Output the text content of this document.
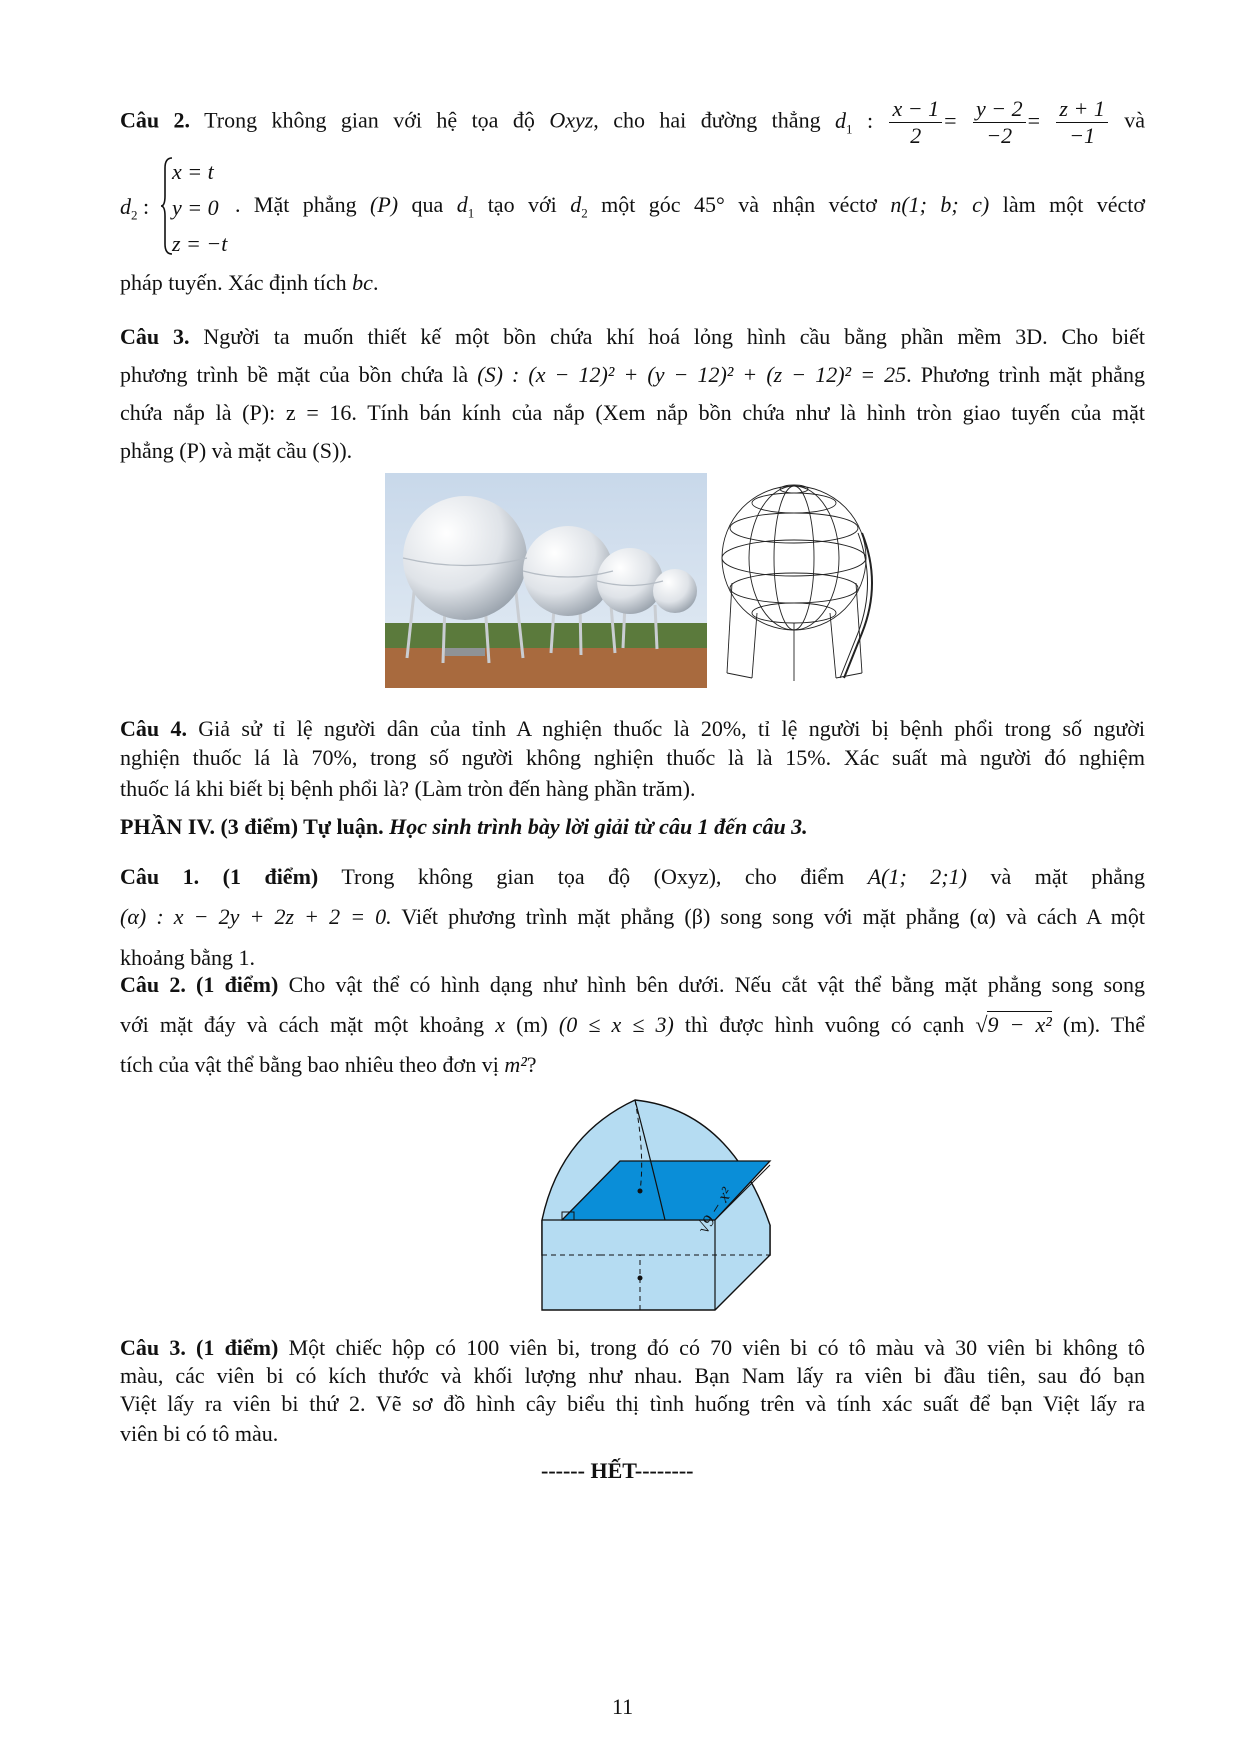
Câu 2. Trong không gian với hệ tọa độ Oxyz, cho hai đường thẳng $d_1$ : $\frac{x - 1}{2} = \frac{y - 2}{-2} = \frac{z + 1}{-1}$ và
$d_2$ :
x = t
y = 0
z = −t
. Mặt phẳng (P) qua $d_1$ tạo với $d_2$ một góc 45° và nhận véctơ n(1; b; c) làm một véctơ
pháp tuyến. Xác định tích bc.
Câu 3. Người ta muốn thiết kế một bồn chứa khí hoá lỏng hình cầu bằng phần mềm 3D. Cho biết
phương trình bề mặt của bồn chứa là (S) : (x − 12)² + (y − 12)² + (z − 12)² = 25. Phương trình mặt phẳng
chứa nắp là (P): z = 16. Tính bán kính của nắp (Xem nắp bồn chứa như là hình tròn giao tuyến của mặt
phẳng (P) và mặt cầu (S)).
Câu 4. Giả sử tỉ lệ người dân của tỉnh A nghiện thuốc là 20%, tỉ lệ người bị bệnh phổi trong số người
nghiện thuốc lá là 70%, trong số người không nghiện thuốc là là 15%. Xác suất mà người đó nghiệm
thuốc lá khi biết bị bệnh phổi là? (Làm tròn đến hàng phần trăm).
PHẦN IV. (3 điểm) Tự luận. Học sinh trình bày lời giải từ câu 1 đến câu 3.
Câu 1. (1 điểm) Trong không gian tọa độ (Oxyz), cho điểm A(1; 2;1) và mặt phẳng
(α) : x − 2y + 2z + 2 = 0. Viết phương trình mặt phẳng (β) song song với mặt phẳng (α) và cách A một
khoảng bằng 1.
Câu 2. (1 điểm) Cho vật thể có hình dạng như hình bên dưới. Nếu cắt vật thể bằng mặt phẳng song song
với mặt đáy và cách mặt một khoảng x (m) (0 ≤ x ≤ 3) thì được hình vuông có cạnh √9 − x² (m). Thể
tích của vật thể bằng bao nhiêu theo đơn vị m²?
√9 − x²
Câu 3. (1 điểm) Một chiếc hộp có 100 viên bi, trong đó có 70 viên bi có tô màu và 30 viên bi không tô
màu, các viên bi có kích thước và khối lượng như nhau. Bạn Nam lấy ra viên bi đầu tiên, sau đó bạn
Việt lấy ra viên bi thứ 2. Vẽ sơ đồ hình cây biểu thị tình huống trên và tính xác suất để bạn Việt lấy ra
viên bi có tô màu.
------ HẾT--------
11
